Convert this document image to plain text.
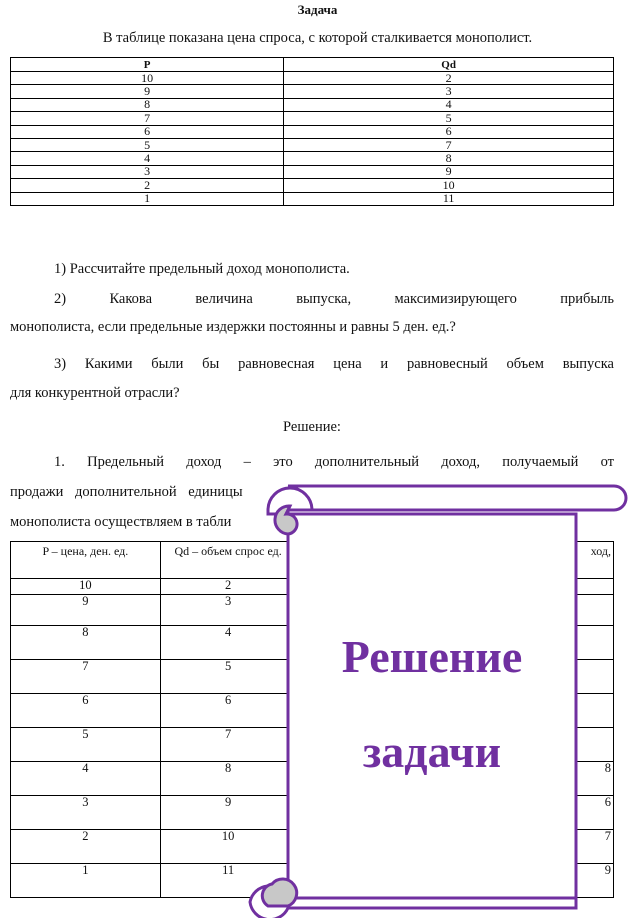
Задача
В таблице показана цена спроса, с которой сталкивается монополист.
P	Qd
10	2
9	3
8	4
7	5
6	6
5	7
4	8
3	9
2	10
1	11
1) Рассчитайте предельный доход монополиста.
2) Какова величина выпуска, максимизирующего прибыль
монополиста, если предельные издержки постоянны и равны 5 ден. ед.?
3) Какими были бы равновесная цена и равновесный объем выпуска
для конкурентной отрасли?
Решение:
1. Предельный доход – это дополнительный доход, получаемый от
продажи дополнительной единицы
монополиста осуществляем в табли
P – цена, ден. ед.	Qd – объем спрос ед.	ход,
10	2	
9	3	
8	4	
7	5	
6	6	
5	7	
4	8	8
3	9	6
2	10	7
1	11	9
Решение
задачи
